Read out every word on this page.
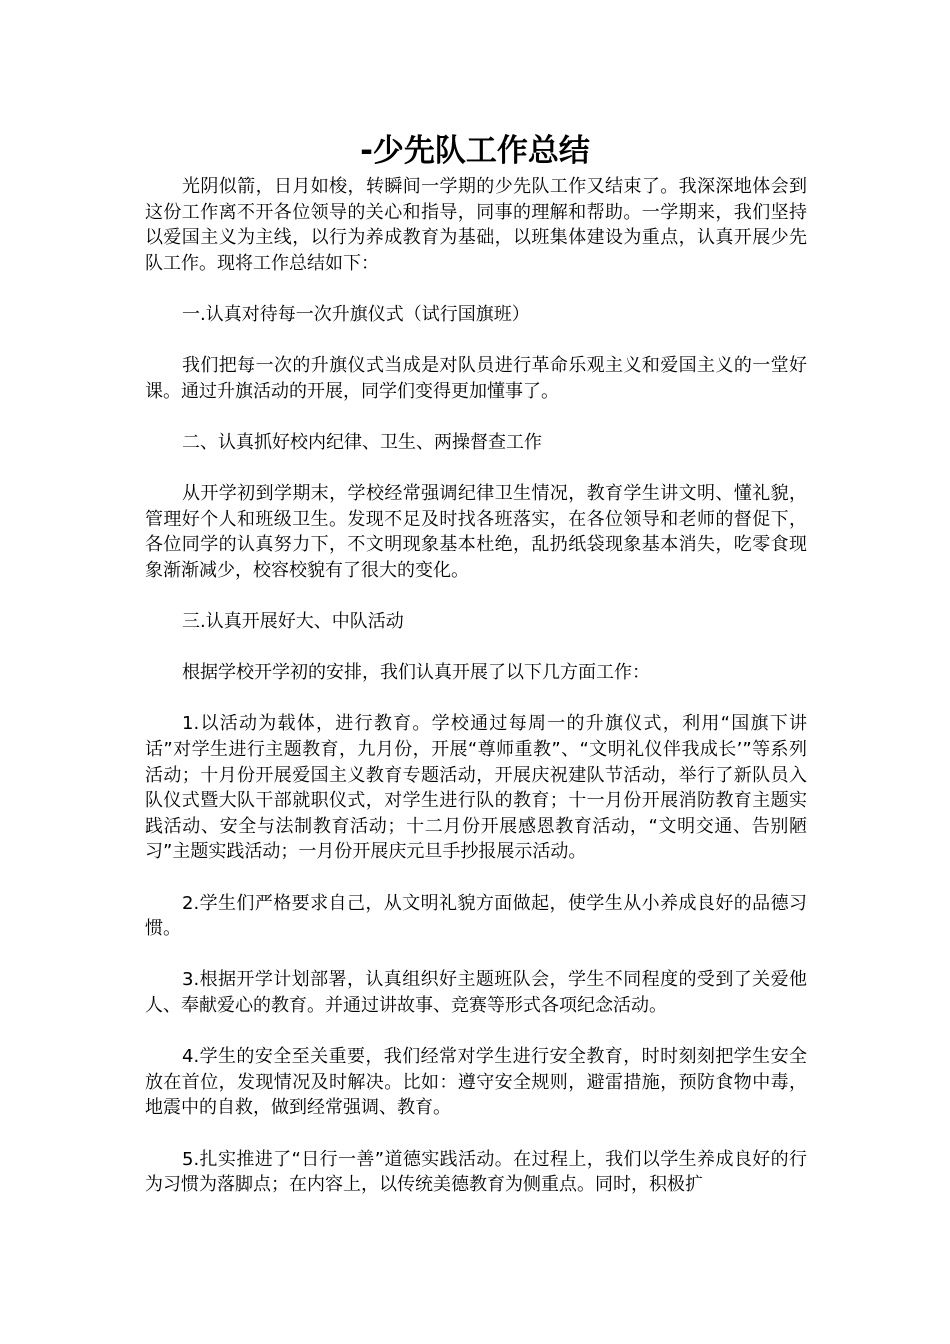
-少先队工作总结

光阴似箭，日月如梭，转瞬间一学期的少先队工作又结束了。我深深地体会到这份工作离不开各位领导的关心和指导，同事的理解和帮助。一学期来，我们坚持以爱国主义为主线，以行为养成教育为基础，以班集体建设为重点，认真开展少先队工作。现将工作总结如下：

一.认真对待每一次升旗仪式（试行国旗班）

我们把每一次的升旗仪式当成是对队员进行革命乐观主义和爱国主义的一堂好课。通过升旗活动的开展，同学们变得更加懂事了。

二、认真抓好校内纪律、卫生、两操督查工作

从开学初到学期末，学校经常强调纪律卫生情况，教育学生讲文明、懂礼貌，管理好个人和班级卫生。发现不足及时找各班落实，在各位领导和老师的督促下，各位同学的认真努力下，不文明现象基本杜绝，乱扔纸袋现象基本消失，吃零食现象渐渐减少，校容校貌有了很大的变化。

三.认真开展好大、中队活动

根据学校开学初的安排，我们认真开展了以下几方面工作：

1.以活动为载体，进行教育。学校通过每周一的升旗仪式，利用“国旗下讲话”对学生进行主题教育，九月份，开展“尊师重教”、“文明礼仪伴我成长’”等系列活动；十月份开展爱国主义教育专题活动，开展庆祝建队节活动，举行了新队员入队仪式暨大队干部就职仪式，对学生进行队的教育；十一月份开展消防教育主题实践活动、安全与法制教育活动；十二月份开展感恩教育活动，“文明交通、告别陋习”主题实践活动；一月份开展庆元旦手抄报展示活动。

2.学生们严格要求自己，从文明礼貌方面做起，使学生从小养成良好的品德习惯。

3.根据开学计划部署，认真组织好主题班队会，学生不同程度的受到了关爱他人、奉献爱心的教育。并通过讲故事、竞赛等形式各项纪念活动。

4.学生的安全至关重要，我们经常对学生进行安全教育，时时刻刻把学生安全放在首位，发现情况及时解决。比如：遵守安全规则，避雷措施，预防食物中毒，地震中的自救，做到经常强调、教育。

5.扎实推进了“日行一善”道德实践活动。在过程上，我们以学生养成良好的行为习惯为落脚点；在内容上，以传统美德教育为侧重点。同时，积极扩
